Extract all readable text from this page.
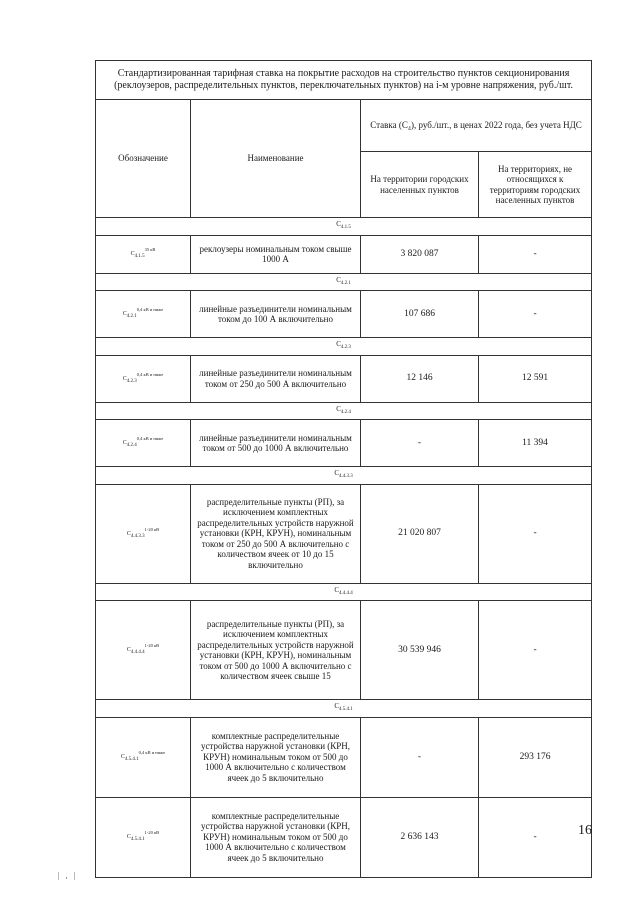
Стандартизированная тарифная ставка на покрытие расходов на строительство пунктов секционирования (реклоузеров, распределительных пунктов, переключательных пунктов) на i-м уровне напряжения, руб./шт.			
Обозначение	Наименование	Ставка (С₄), руб./шт., в ценах 2022 года, без учета НДС	
		На территории городских населенных пунктов	На территориях, не относящихся к территориям городских населенных пунктов
$С_{4.1.5}$
$С_{4.1.5}^{35 кВ}$	реклоузеры номинальным током свыше 1000 А	3 820 087	-
$С_{4.2.1}$
$С_{4.2.1}^{0,4 кВ и ниже}$	линейные разъединители номинальным током до 100 А включительно	107 686	-
$С_{4.2.3}$
$С_{4.2.3}^{0,4 кВ и ниже}$	линейные разъединители номинальным током от 250 до 500 А включительно	12 146	12 591
$С_{4.2.4}$
$С_{4.2.4}^{0,4 кВ и ниже}$	линейные разъединители номинальным током от 500 до 1000 А включительно	-	11 394
$С_{4.4.3.3}$
$С_{4.4.3.3}^{1-20 кВ}$	распределительные пункты (РП), за исключением комплектных распределительных устройств наружной установки (КРН, КРУН), номинальным током от 250 до 500 А включительно с количеством ячеек от 10 до 15 включительно	21 020 807	-
$С_{4.4.4.4}$
$С_{4.4.4.4}^{1-20 кВ}$	распределительные пункты (РП), за исключением комплектных распределительных устройств наружной установки (КРН, КРУН), номинальным током от 500 до 1000 А включительно с количеством ячеек свыше 15	30 539 946	-
$С_{4.5.4.1}$
$С_{4.5.4.1}^{0,4 кВ и ниже}$	комплектные распределительные устройства наружной установки (КРН, КРУН) номинальным током от 500 до 1000 А включительно с количеством ячеек до 5 включительно	-	293 176
$С_{4.5.4.1}^{1-20 кВ}$	комплектные распределительные устройства наружной установки (КРН, КРУН) номинальным током от 500 до 1000 А включительно с количеством ячеек до 5 включительно	2 636 143	-	16
| , |
